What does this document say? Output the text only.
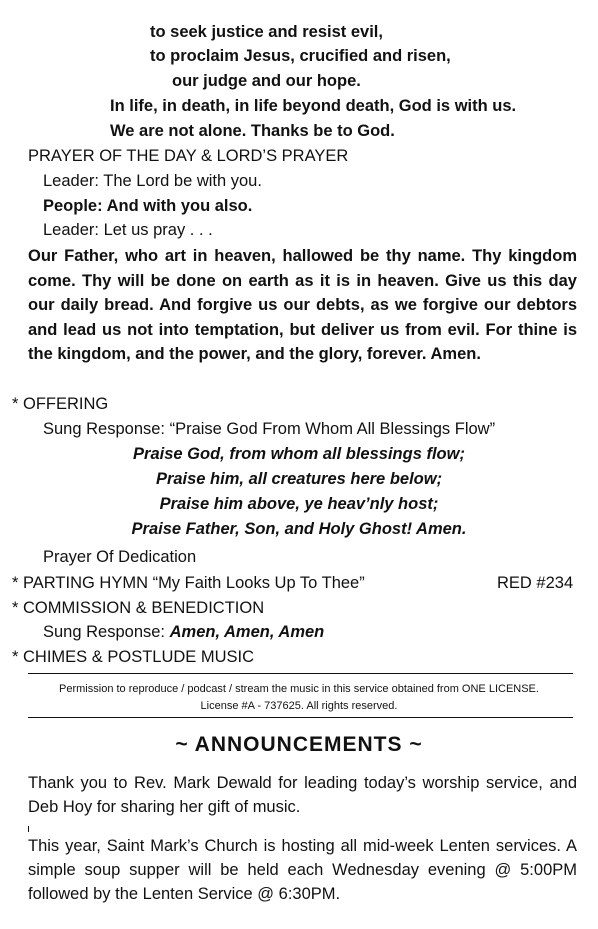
to seek justice and resist evil,
to proclaim Jesus, crucified and risen,
our judge and our hope.
In life, in death, in life beyond death, God is with us.
We are not alone. Thanks be to God.
PRAYER OF THE DAY & LORD’S PRAYER
Leader: The Lord be with you.
People: And with you also.
Leader: Let us pray . . .
Our Father, who art in heaven, hallowed be thy name. Thy kingdom come. Thy will be done on earth as it is in heaven. Give us this day our daily bread. And forgive us our debts, as we forgive our debtors and lead us not into temptation, but deliver us from evil. For thine is the kingdom, and the power, and the glory, forever. Amen.
* OFFERING
Sung Response: “Praise God From Whom All Blessings Flow”
Praise God, from whom all blessings flow;
Praise him, all creatures here below;
Praise him above, ye heav’nly host;
Praise Father, Son, and Holy Ghost! Amen.
Prayer Of Dedication
* PARTING HYMN “My Faith Looks Up To Thee”	RED #234
* COMMISSION & BENEDICTION
Sung Response: Amen, Amen, Amen
* CHIMES & POSTLUDE MUSIC
Permission to reproduce / podcast / stream the music in this service obtained from ONE LICENSE.
License #A - 737625. All rights reserved.
~ ANNOUNCEMENTS ~
Thank you to Rev. Mark Dewald for leading today’s worship service, and Deb Hoy for sharing her gift of music.
This year, Saint Mark’s Church is hosting all mid-week Lenten services. A simple soup supper will be held each Wednesday evening @ 5:00PM followed by the Lenten Service @ 6:30PM.
